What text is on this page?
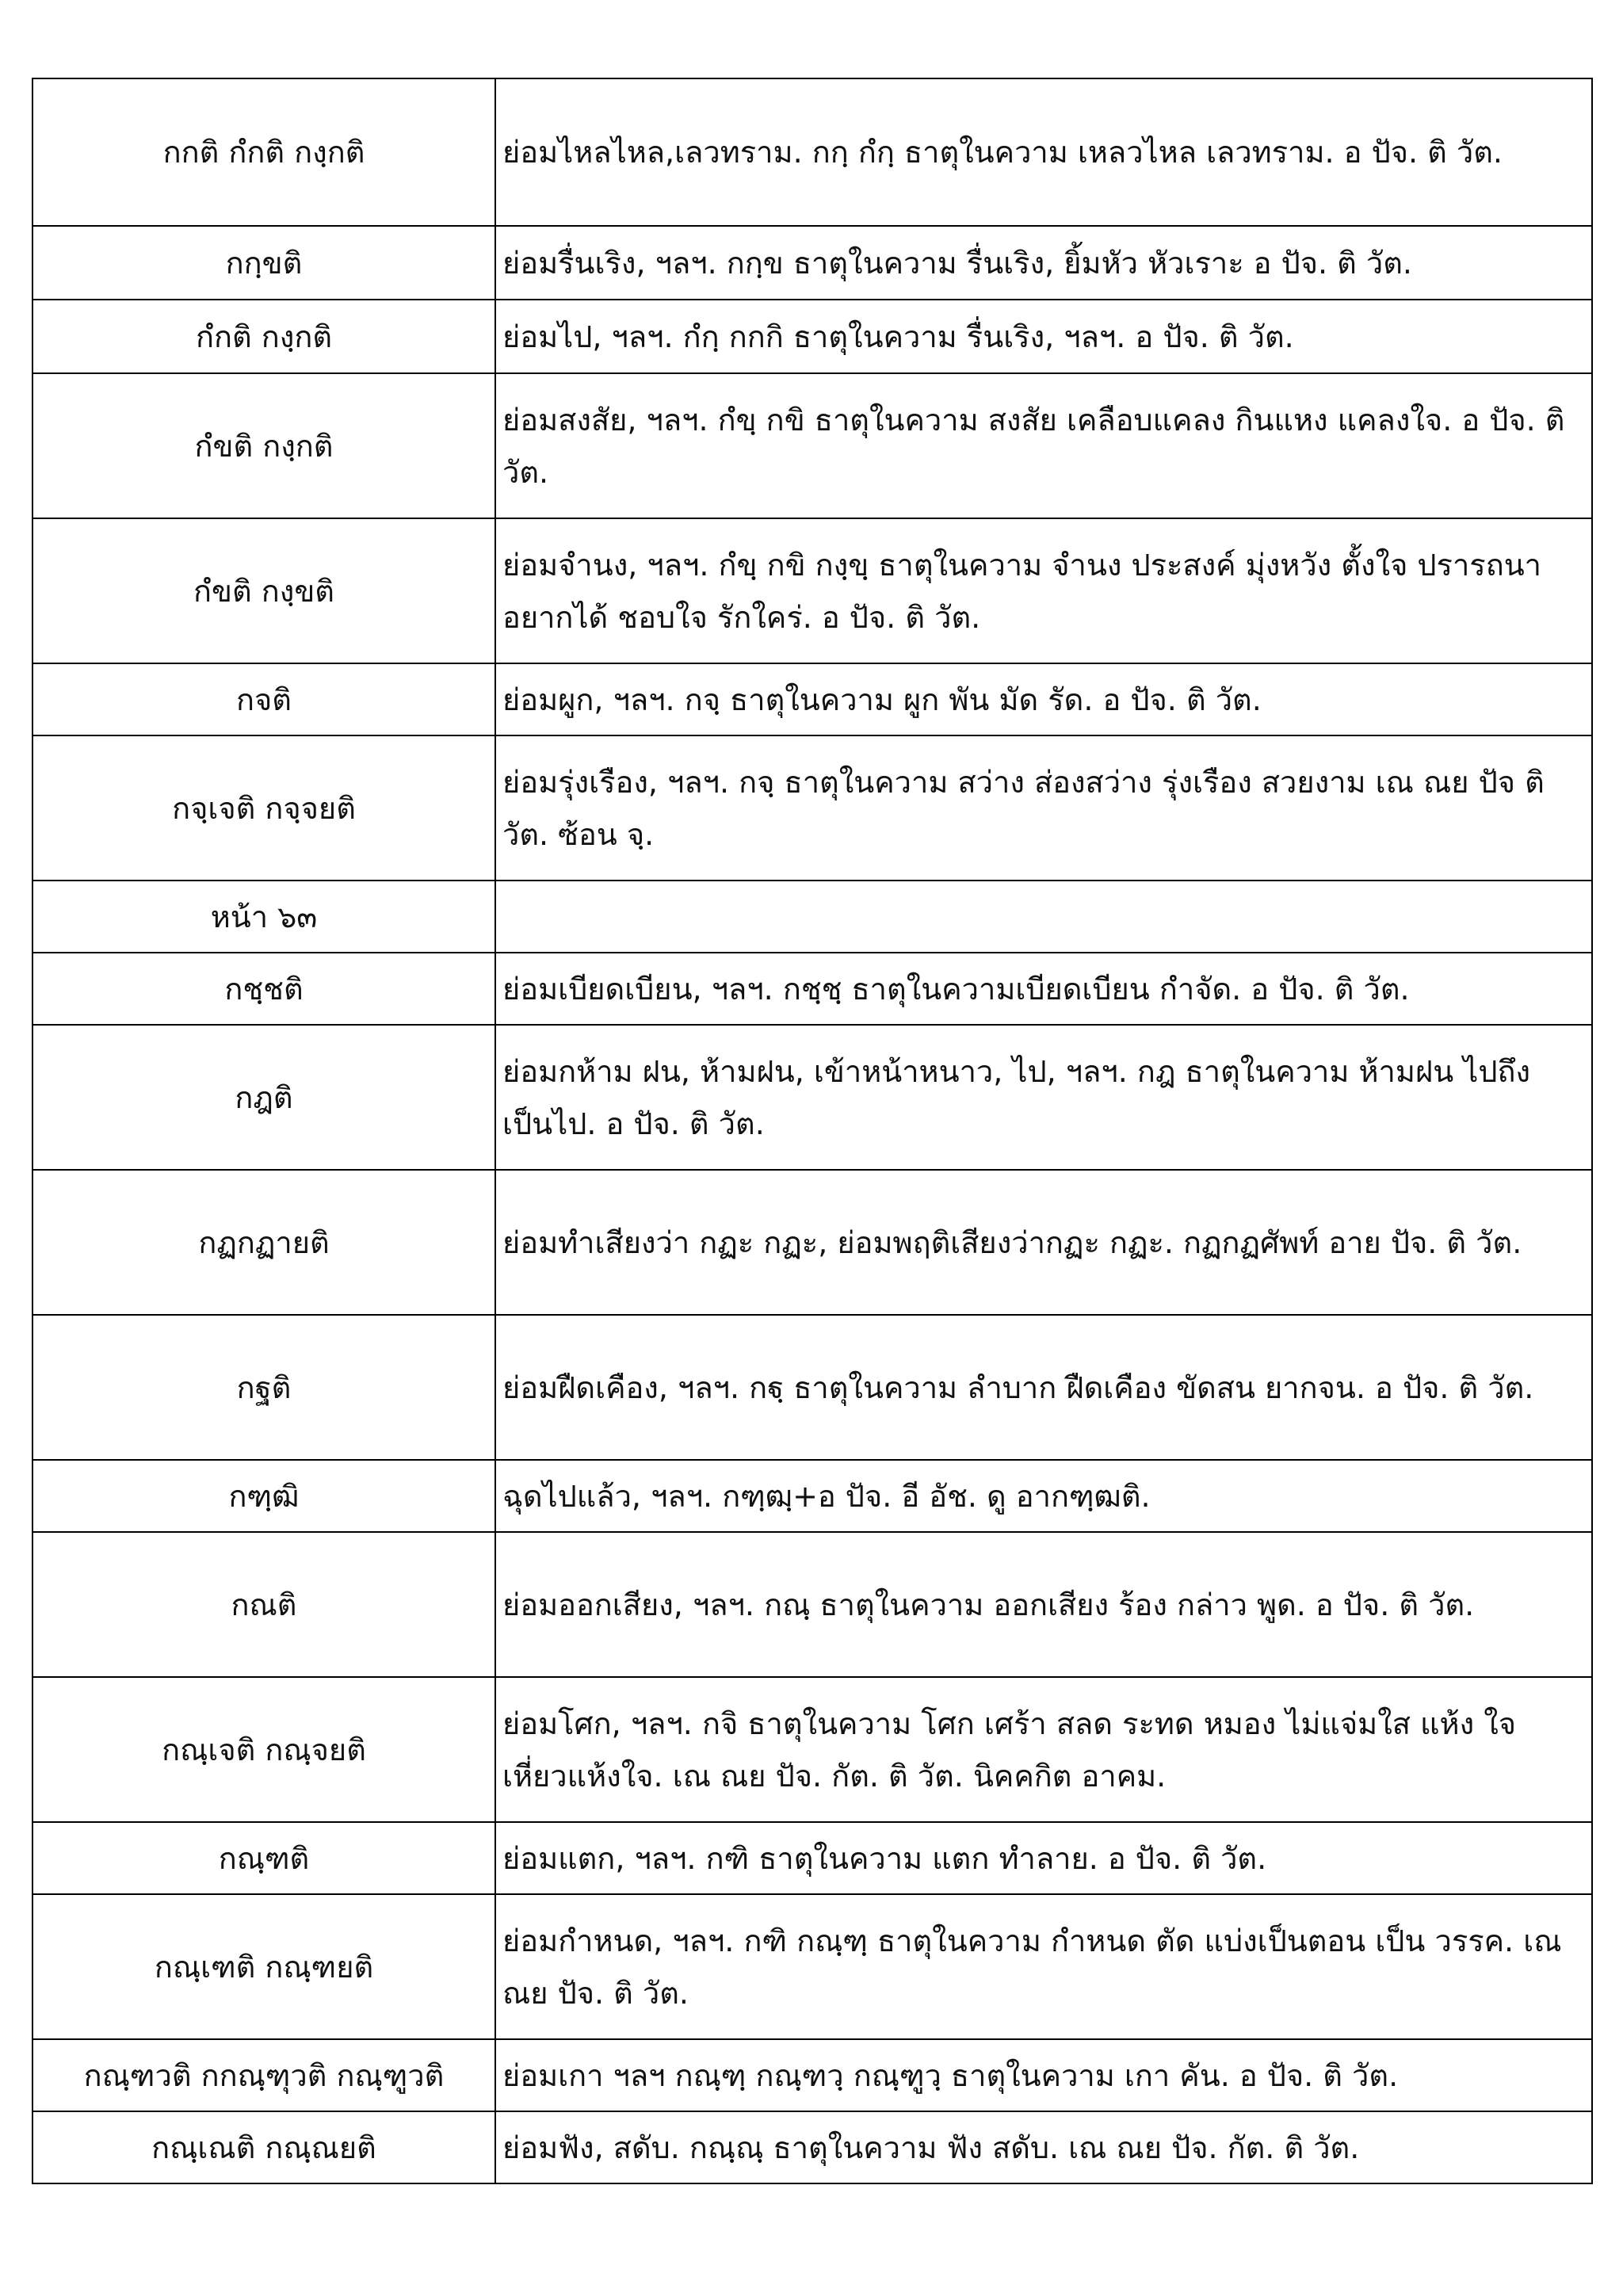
กกติ กํกติ กงฺกติ	ย่อมไหลไหล,เลวทราม. กกฺ กํกฺ ธาตุในความ เหลวไหล เลวทราม. อ ปัจ. ติ วัต.
กกฺขติ	ย่อมรื่นเริง, ฯลฯ. กกฺข ธาตุในความ รื่นเริง, ยิ้มหัว หัวเราะ อ ปัจ. ติ วัต.
กํกติ กงฺกติ	ย่อมไป, ฯลฯ. กํกฺ กกกิ ธาตุในความ รื่นเริง, ฯลฯ. อ ปัจ. ติ วัต.
กํขติ กงฺกติ	ย่อมสงสัย, ฯลฯ. กํขฺ กขิ ธาตุในความ สงสัย เคลือบแคลง กินแหง แคลงใจ. อ ปัจ. ติ วัต.
กํขติ กงฺขติ	ย่อมจำนง, ฯลฯ. กํขฺ กขิ กงฺขฺ ธาตุในความ จำนง ประสงค์ มุ่งหวัง ตั้งใจ ปรารถนา อยากได้ ชอบใจ รักใคร่. อ ปัจ. ติ วัต.
กจติ	ย่อมผูก, ฯลฯ. กจฺ ธาตุในความ ผูก พัน มัด รัด. อ ปัจ. ติ วัต.
กจฺเจติ กจฺจยติ	ย่อมรุ่งเรือง, ฯลฯ. กจฺ ธาตุในความ สว่าง ส่องสว่าง รุ่งเรือง สวยงาม เณ ณย ปัจ ติ วัต. ซ้อน จฺ.
หน้า ๖๓	
กชฺชติ	ย่อมเบียดเบียน, ฯลฯ. กชฺชฺ ธาตุในความเบียดเบียน กำจัด. อ ปัจ. ติ วัต.
กฎติ	ย่อมกห้าม ฝน, ห้ามฝน, เข้าหน้าหนาว, ไป, ฯลฯ. กฎ ธาตุในความ ห้ามฝน ไปถึง เป็นไป. อ ปัจ. ติ วัต.
กฏกฏายติ	ย่อมทำเสียงว่า กฏะ กฏะ, ย่อมพฤติเสียงว่ากฏะ กฏะ. กฏกฏศัพท์ อาย ปัจ. ติ วัต.
กฐติ	ย่อมฝืดเคือง, ฯลฯ. กฐฺ ธาตุในความ ลำบาก ฝืดเคือง ขัดสน ยากจน. อ ปัจ. ติ วัต.
กฑฺฒิ	ฉุดไปแล้ว, ฯลฯ. กฑฺฒฺ+อ ปัจ. อี อัช. ดู อากฑฺฒติ.
กณติ	ย่อมออกเสียง, ฯลฯ. กณฺ ธาตุในความ ออกเสียง ร้อง กล่าว พูด. อ ปัจ. ติ วัต.
กณฺเจติ กณฺจยติ	ย่อมโศก, ฯลฯ. กจิ ธาตุในความ โศก เศร้า สลด ระทด หมอง ไม่แจ่มใส แห้ง ใจ เหี่ยวแห้งใจ. เณ ณย ปัจ. กัต. ติ วัต. นิคคกิต อาคม.
กณฺฑติ	ย่อมแตก, ฯลฯ. กฑิ ธาตุในความ แตก ทำลาย. อ ปัจ. ติ วัต.
กณฺเฑติ กณฺฑยติ	ย่อมกำหนด, ฯลฯ. กฑิ กณฺฑฺ ธาตุในความ กำหนด ตัด แบ่งเป็นตอน เป็น วรรค. เณ ณย ปัจ. ติ วัต.
กณฺฑวติ กกณฺฑุวติ กณฺฑูวติ	ย่อมเกา ฯลฯ กณฺฑฺ กณฺฑวฺ กณฺฑูวฺ ธาตุในความ เกา คัน. อ ปัจ. ติ วัต.
กณฺเณติ กณฺณยติ	ย่อมฟัง, สดับ. กณฺณฺ ธาตุในความ ฟัง สดับ. เณ ณย ปัจ. กัต. ติ วัต.
